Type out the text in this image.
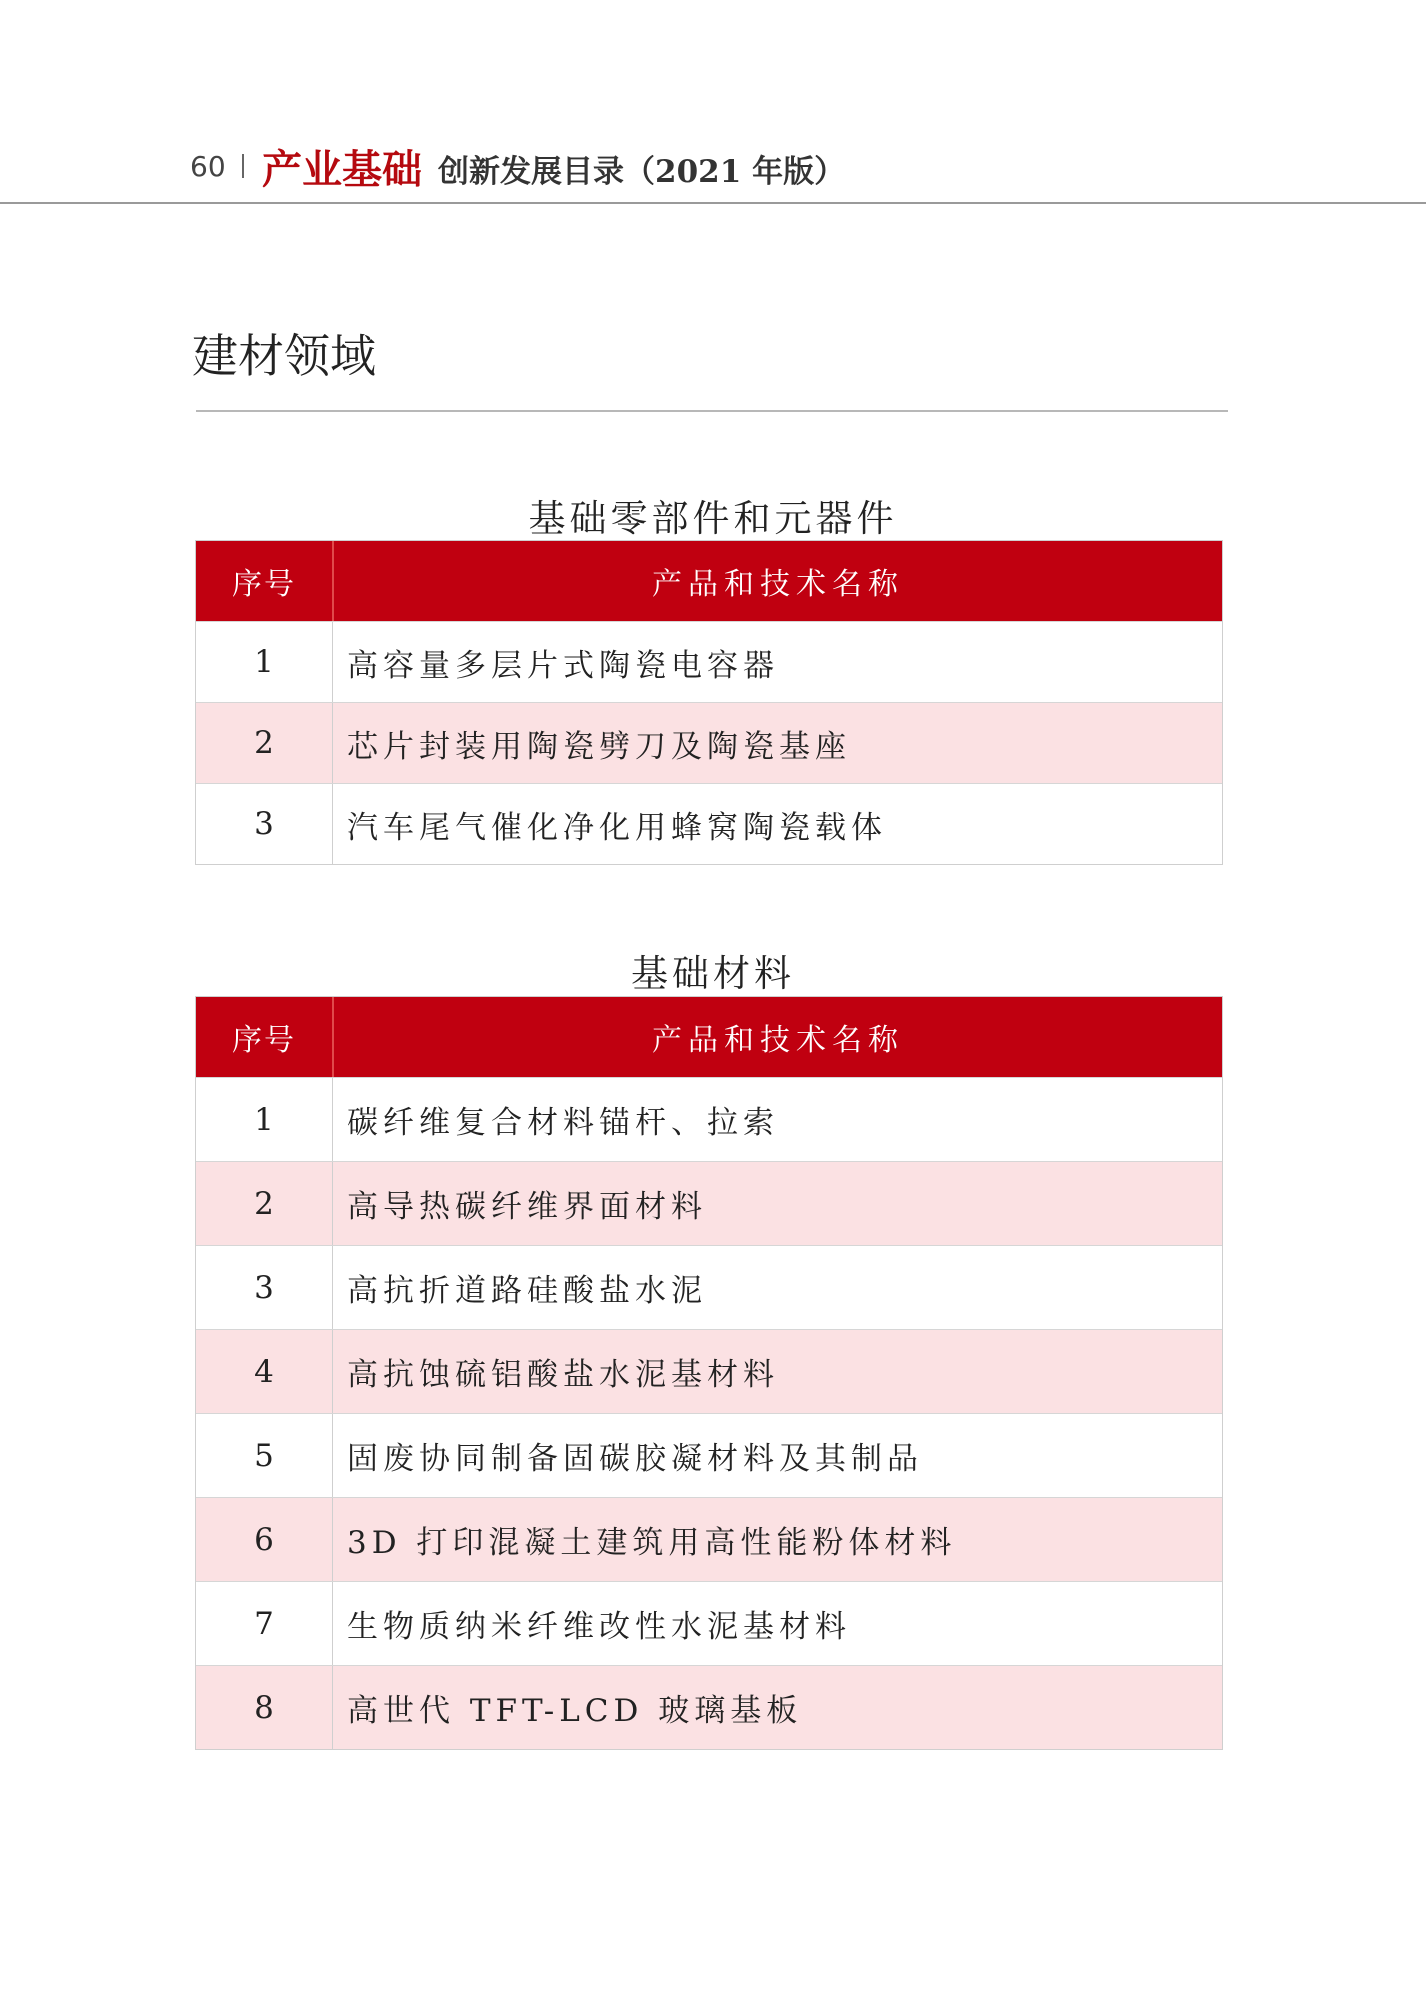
60 产业基础 创新发展目录（2021 年版）
建材领域
基础零部件和元器件
序号	产品和技术名称
1	高容量多层片式陶瓷电容器
2	芯片封装用陶瓷劈刀及陶瓷基座
3	汽车尾气催化净化用蜂窝陶瓷载体
基础材料
序号	产品和技术名称
1	碳纤维复合材料锚杆、拉索
2	高导热碳纤维界面材料
3	高抗折道路硅酸盐水泥
4	高抗蚀硫铝酸盐水泥基材料
5	固废协同制备固碳胶凝材料及其制品
6	3D 打印混凝土建筑用高性能粉体材料
7	生物质纳米纤维改性水泥基材料
8	高世代 TFT-LCD 玻璃基板
